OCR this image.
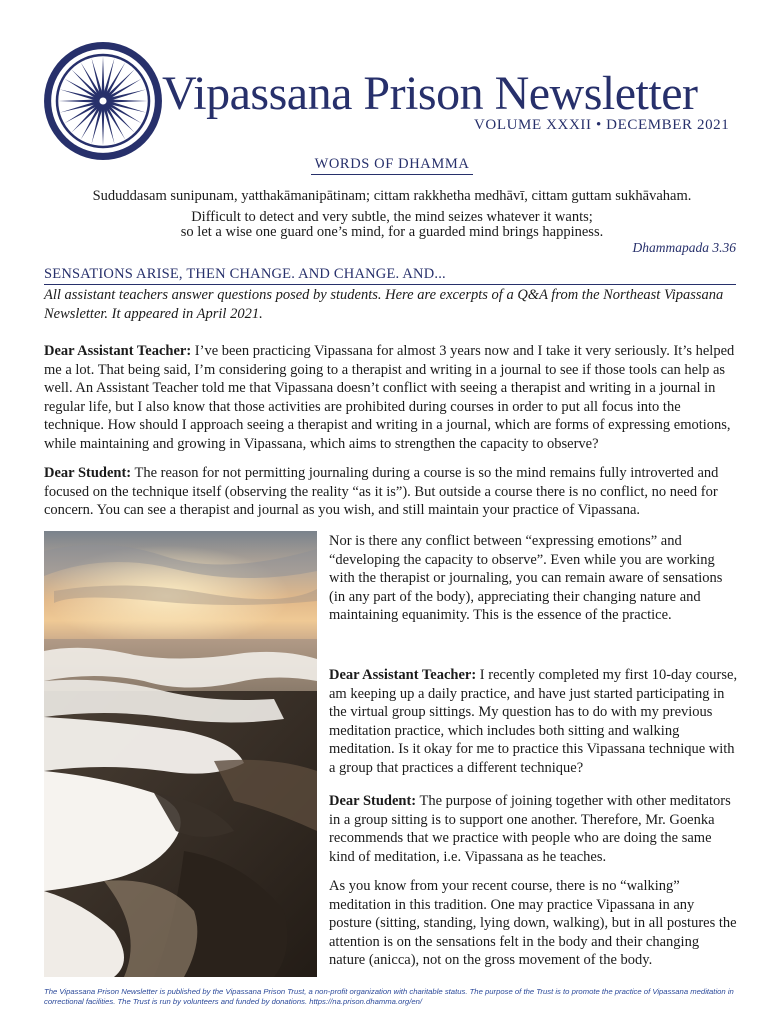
Vipassana Prison Newsletter
VOLUME XXXII • DECEMBER 2021
WORDS OF DHAMMA
Sududdasam sunipunam, yatthakāmanipātinam; cittam rakkhetha medhāvī, cittam guttam sukhāvaham.
Difficult to detect and very subtle, the mind seizes whatever it wants;
so let a wise one guard one’s mind, for a guarded mind brings happiness.
Dhammapada 3.36
SENSATIONS ARISE, THEN CHANGE. AND CHANGE. AND...

All assistant teachers answer questions posed by students. Here are excerpts of a Q&A from the Northeast Vipassana Newsletter. It appeared in April 2021.

Dear Assistant Teacher: I’ve been practicing Vipassana for almost 3 years now and I take it very seriously. It’s helped me a lot. That being said, I’m considering going to a therapist and writing in a journal to see if those tools can help as well. An Assistant Teacher told me that Vipassana doesn’t conflict with seeing a therapist and writing in a journal in regular life, but I also know that those activities are prohibited during courses in order to put all focus into the technique. How should I approach seeing a therapist and writing in a journal, which are forms of expressing emotions, while maintaining and growing in Vipassana, which aims to strengthen the capacity to observe?

Dear Student: The reason for not permitting journaling during a course is so the mind remains fully introverted and focused on the technique itself (observing the reality “as it is”). But outside a course there is no conflict, no need for concern. You can see a therapist and journal as you wish, and still maintain your practice of Vipassana.

Nor is there any conflict between “expressing emotions” and “developing the capacity to observe”. Even while you are working with the therapist or journaling, you can remain aware of sensations (in any part of the body), appreciating their changing nature and maintaining equanimity. This is the essence of the practice.

Dear Assistant Teacher: I recently completed my first 10-day course, am keeping up a daily practice, and have just started participating in the virtual group sittings. My question has to do with my previous meditation practice, which includes both sitting and walking meditation. Is it okay for me to practice this Vipassana technique with a group that practices a different technique?

Dear Student: The purpose of joining together with other meditators in a group sitting is to support one another. Therefore, Mr. Goenka recommends that we practice with people who are doing the same kind of meditation, i.e. Vipassana as he teaches.

As you know from your recent course, there is no “walking” meditation in this tradition. One may practice Vipassana in any posture (sitting, standing, lying down, walking), but in all postures the attention is on the sensations felt in the body and their changing nature (anicca), not on the gross movement of the body.

The Vipassana Prison Newsletter is published by the Vipassana Prison Trust, a non-profit organization with charitable status. The purpose of the Trust is to promote the practice of Vipassana meditation in correctional facilities. The Trust is run by volunteers and funded by donations. https://na.prison.dhamma.org/en/
